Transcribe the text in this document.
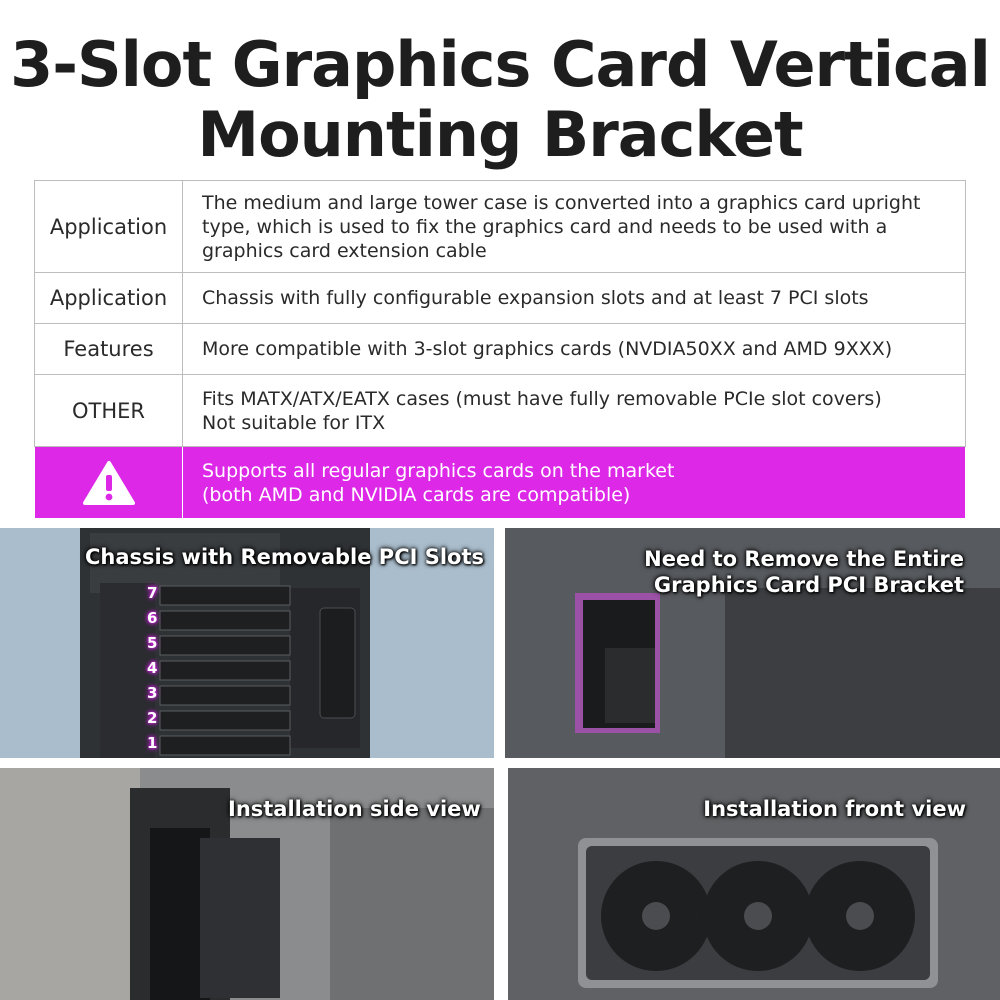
3-Slot Graphics Card Vertical
Mounting Bracket
Application	The medium and large tower case is converted into a graphics card upright
type, which is used to fix the graphics card and needs to be used with a
graphics card extension cable

Application	Chassis with fully configurable expansion slots and at least 7 PCI slots

Features	More compatible with 3-slot graphics cards (NVDIA50XX and AMD 9XXX)

OTHER	Fits MATX/ATX/EATX cases (must have fully removable PCIe slot covers)
Not suitable for ITX

Supports all regular graphics cards on the market
(both AMD and NVIDIA cards are compatible)
Chassis with Removable PCI Slots
7
6
5
4
3
2
1
Need to Remove the Entire
Graphics Card PCI Bracket
Installation side view	Installation front view
